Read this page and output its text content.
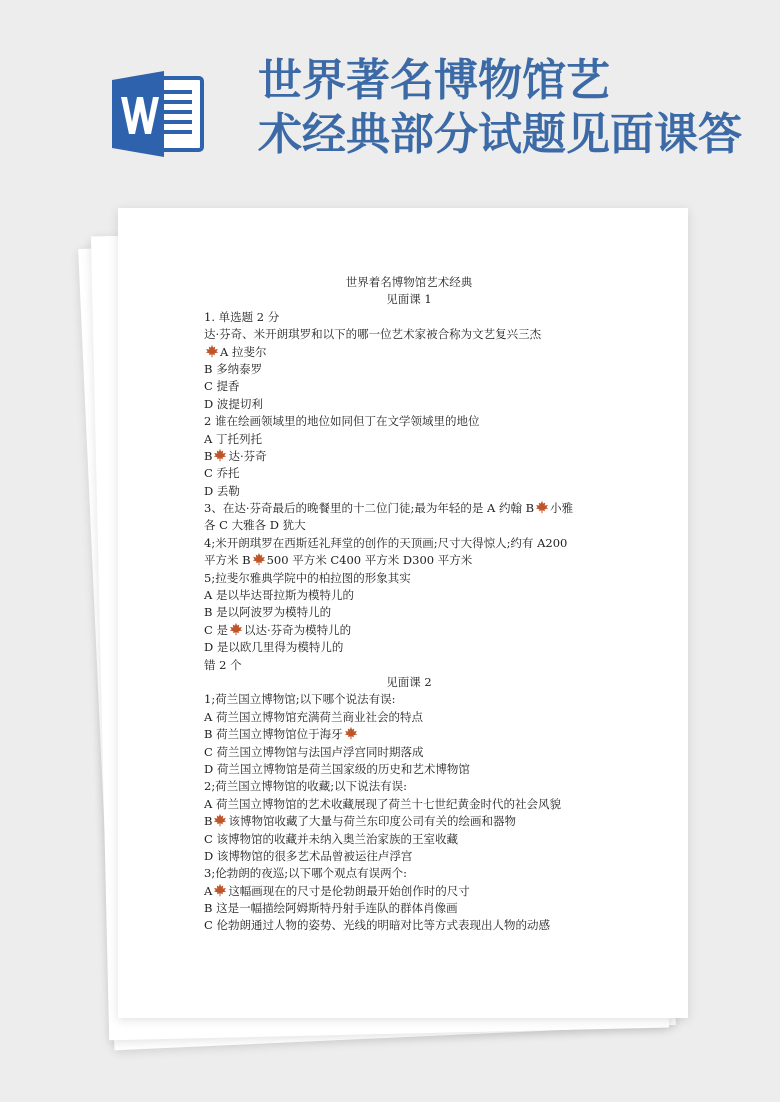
世界著名博物馆艺
术经典部分试题见面课答
世界着名博物馆艺术经典
见面课 1
1. 单选题 2 分
达·芬奇、米开朗琪罗和以下的哪一位艺术家被合称为文艺复兴三杰
A 拉斐尔
B 多纳泰罗
C 提香
D 波提切利
2 谁在绘画领域里的地位如同但丁在文学领域里的地位
A 丁托列托
B 达·芬奇
C 乔托
D 丢勒
3、在达·芬奇最后的晚餐里的十二位门徒;最为年轻的是 A 约翰 B 小雅
各 C 大雅各 D 犹大
4;米开朗琪罗在西斯廷礼拜堂的创作的天顶画;尺寸大得惊人;约有 A200
平方米 B 500 平方米 C400 平方米 D300 平方米
5;拉斐尔雅典学院中的柏拉图的形象其实
A 是以毕达哥拉斯为模特儿的
B 是以阿波罗为模特儿的
C 是 以达·芬奇为模特儿的
D 是以欧几里得为模特儿的
错 2 个
见面课 2
1;荷兰国立博物馆;以下哪个说法有误:
A 荷兰国立博物馆充满荷兰商业社会的特点
B 荷兰国立博物馆位于海牙
C 荷兰国立博物馆与法国卢浮宫同时期落成
D 荷兰国立博物馆是荷兰国家级的历史和艺术博物馆
2;荷兰国立博物馆的收藏;以下说法有误:
A 荷兰国立博物馆的艺术收藏展现了荷兰十七世纪黄金时代的社会风貌
B 该博物馆收藏了大量与荷兰东印度公司有关的绘画和器物
C 该博物馆的收藏并未纳入奥兰治家族的王室收藏
D 该博物馆的很多艺术品曾被运往卢浮宫
3;伦勃朗的夜巡;以下哪个观点有误两个:
A 这幅画现在的尺寸是伦勃朗最开始创作时的尺寸
B 这是一幅描绘阿姆斯特丹射手连队的群体肖像画
C 伦勃朗通过人物的姿势、光线的明暗对比等方式表现出人物的动感
